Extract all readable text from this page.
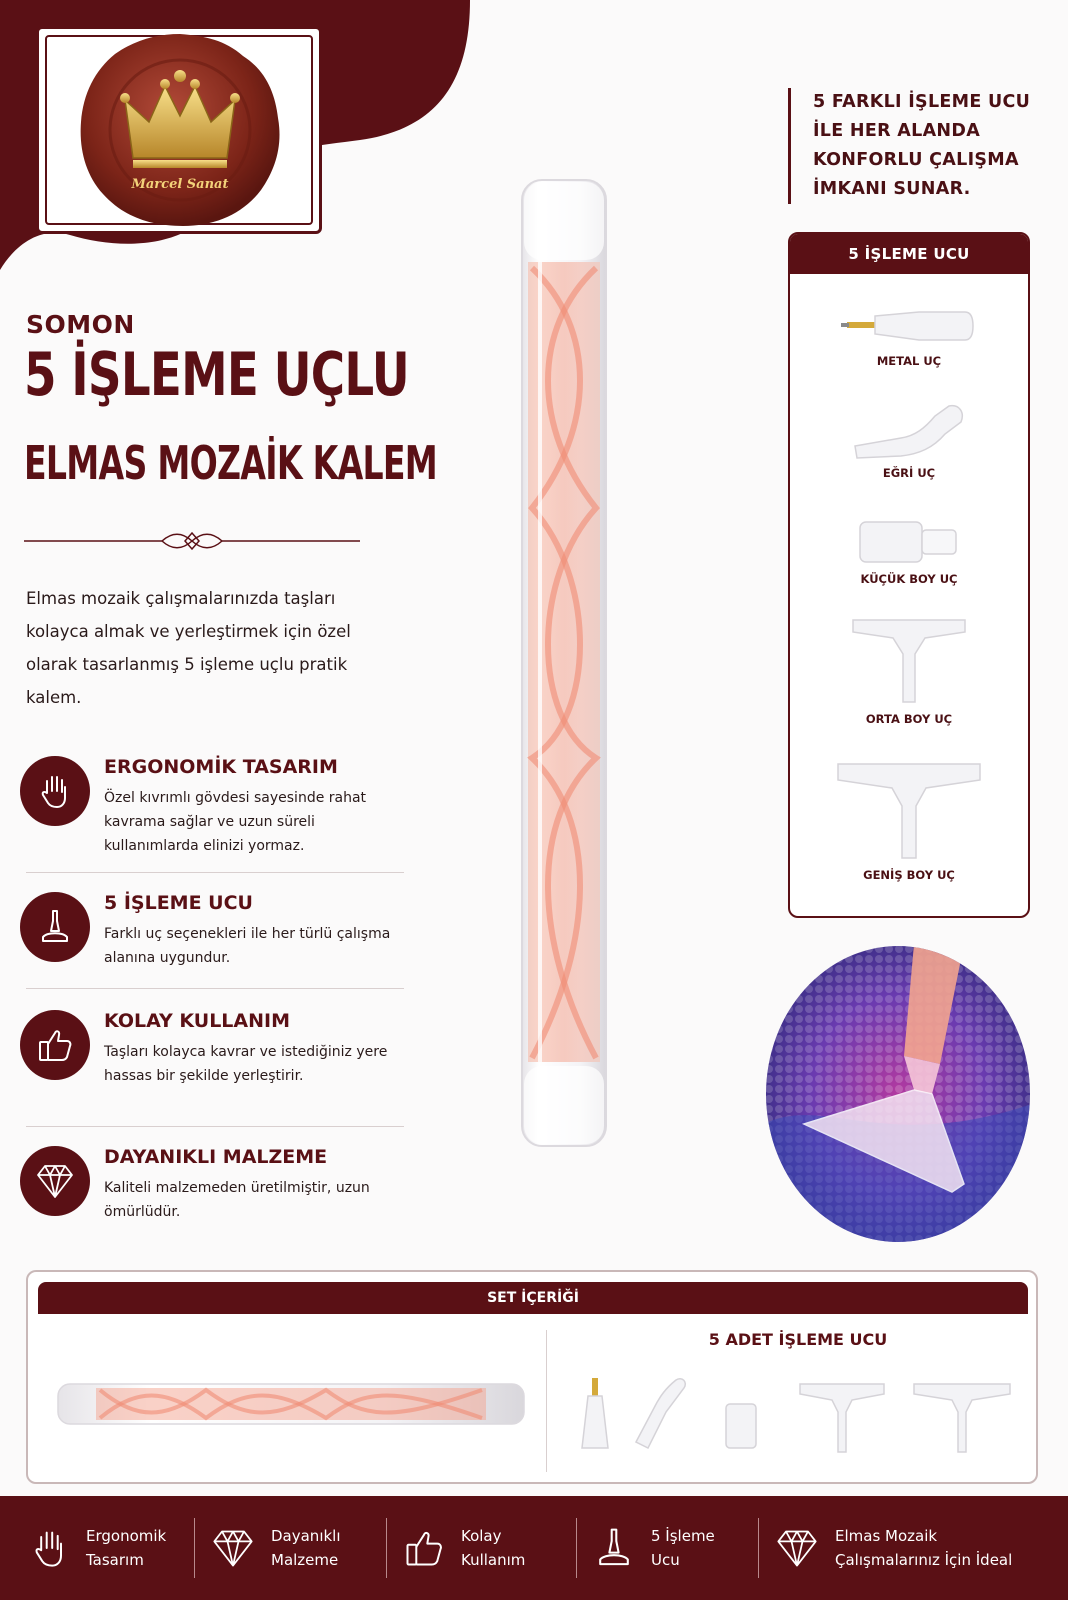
Marcel Sanat
5 FARKLI İŞLEME UCU
İLE HER ALANDA
KONFORLU ÇALIŞMA
İMKANI SUNAR.
SOMON
5 İŞLEME UÇLU
ELMAS MOZAİK KALEM
Elmas mozaik çalışmalarınızda taşları kolayca almak ve yerleştirmek için özel olarak tasarlanmış 5 işleme uçlu pratik kalem.
ERGONOMİK TASARIM
Özel kıvrımlı gövdesi sayesinde rahat kavrama sağlar ve uzun süreli kullanımlarda elinizi yormaz.
5 İŞLEME UCU
Farklı uç seçenekleri ile her türlü çalışma alanına uygundur.
KOLAY KULLANIM
Taşları kolayca kavrar ve istediğiniz yere hassas bir şekilde yerleştirir.
DAYANIKLI MALZEME
Kaliteli malzemeden üretilmiştir, uzun ömürlüdür.
5 İŞLEME UCU
METAL UÇ
EĞRİ UÇ
KÜÇÜK BOY UÇ
ORTA BOY UÇ
GENİŞ BOY UÇ
SET İÇERİĞİ
5 ADET İŞLEME UCU
Ergonomik
Tasarım
Dayanıklı
Malzeme
Kolay
Kullanım
5 İşleme
Ucu
Elmas Mozaik
Çalışmalarınız İçin İdeal
